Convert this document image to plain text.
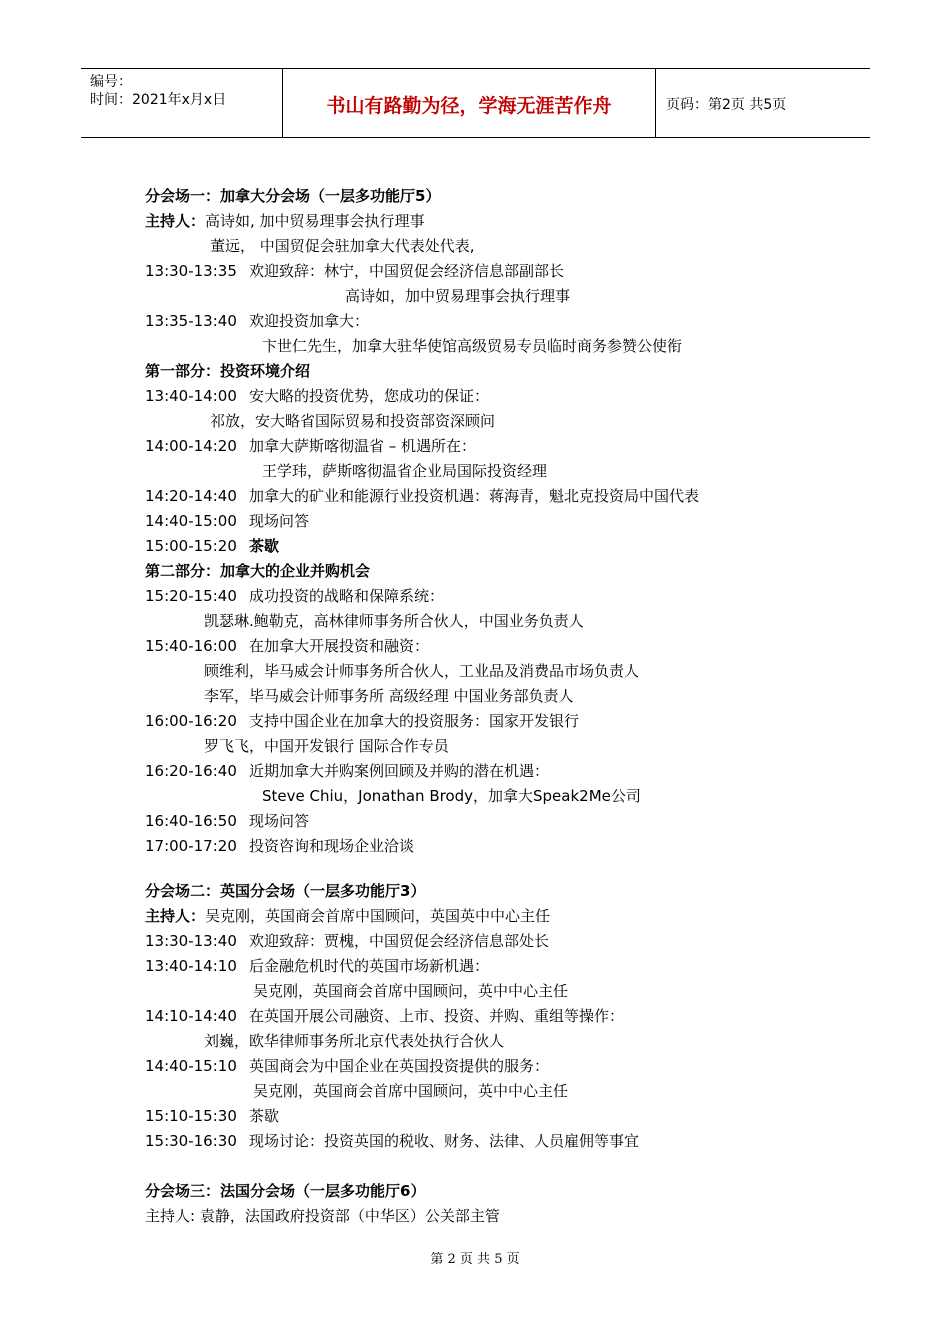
编号：
时间：2021年x月x日	书山有路勤为径，学海无涯苦作舟	页码：第2页 共5页
分会场一：加拿大分会场（一层多功能厅5）
主持人：高诗如, 加中贸易理事会执行理事
董远， 中国贸促会驻加拿大代表处代表,
13:30-13:35 欢迎致辞：林宁，中国贸促会经济信息部副部长
高诗如，加中贸易理事会执行理事
13:35-13:40 欢迎投资加拿大：
卞世仁先生，加拿大驻华使馆高级贸易专员临时商务参赞公使衔
第一部分：投资环境介绍
13:40-14:00 安大略的投资优势，您成功的保证：
祁放，安大略省国际贸易和投资部资深顾问
14:00-14:20 加拿大萨斯喀彻温省 – 机遇所在：
王学玮，萨斯喀彻温省企业局国际投资经理
14:20-14:40 加拿大的矿业和能源行业投资机遇：蒋海青，魁北克投资局中国代表
14:40-15:00 现场问答
15:00-15:20 茶歇
第二部分：加拿大的企业并购机会
15:20-15:40 成功投资的战略和保障系统：
凯瑟琳.鲍勒克，高林律师事务所合伙人，中国业务负责人
15:40-16:00 在加拿大开展投资和融资：
顾维利，毕马威会计师事务所合伙人，工业品及消费品市场负责人
李军，毕马威会计师事务所 高级经理 中国业务部负责人
16:00-16:20 支持中国企业在加拿大的投资服务：国家开发银行
罗飞飞，中国开发银行 国际合作专员
16:20-16:40 近期加拿大并购案例回顾及并购的潜在机遇：
Steve Chiu，Jonathan Brody，加拿大Speak2Me公司
16:40-16:50 现场问答
17:00-17:20 投资咨询和现场企业洽谈
分会场二：英国分会场（一层多功能厅3）
主持人：吴克刚，英国商会首席中国顾问，英国英中中心主任
13:30-13:40 欢迎致辞：贾槐，中国贸促会经济信息部处长
13:40-14:10 后金融危机时代的英国市场新机遇：
吴克刚，英国商会首席中国顾问，英中中心主任
14:10-14:40 在英国开展公司融资、上市、投资、并购、重组等操作：
刘巍，欧华律师事务所北京代表处执行合伙人
14:40-15:10 英国商会为中国企业在英国投资提供的服务：
吴克刚，英国商会首席中国顾问，英中中心主任
15:10-15:30 茶歇
15:30-16:30 现场讨论：投资英国的税收、财务、法律、人员雇佣等事宜
分会场三：法国分会场（一层多功能厅6）
主持人: 袁静，法国政府投资部（中华区）公关部主管
第 2 页 共 5 页
